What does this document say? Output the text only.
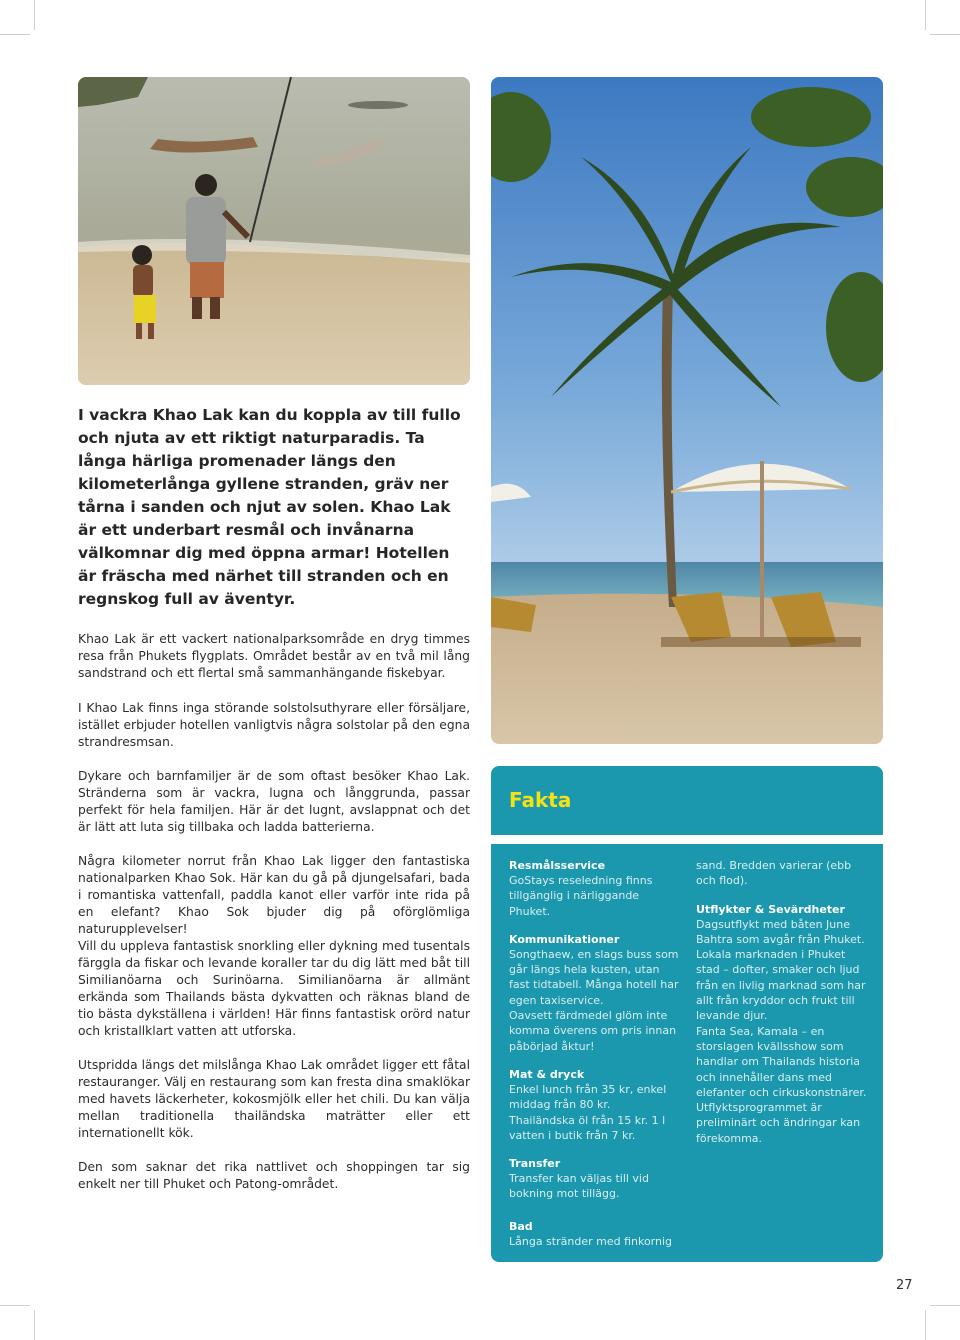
I vackra Khao Lak kan du koppla av till fullo och njuta av ett riktigt naturparadis. Ta långa härliga promenader längs den kilometerlånga gyllene stranden, gräv ner tårna i sanden och njut av solen. Khao Lak är ett underbart resmål och invånarna välkomnar dig med öppna armar! Hotellen är fräscha med närhet till stranden och en regnskog full av äventyr.

Khao Lak är ett vackert nationalparksområde en dryg timmes resa från Phukets flygplats. Området består av en två mil lång sandstrand och ett flertal små sammanhängande fiskebyar.

I Khao Lak finns inga störande solstolsuthyrare eller försäljare, istället erbjuder hotellen vanligtvis några solstolar på den egna strandresmsan.

Dykare och barnfamiljer är de som oftast besöker Khao Lak. Stränderna som är vackra, lugna och långgrunda, passar perfekt för hela familjen. Här är det lugnt, avslappnat och det är lätt att luta sig tillbaka och ladda batterierna.

Några kilometer norrut från Khao Lak ligger den fantastiska nationalparken Khao Sok. Här kan du gå på djungelsafari, bada i romantiska vattenfall, paddla kanot eller varför inte rida på en elefant? Khao Sok bjuder dig på oförglömliga naturupplevelser!

Vill du uppleva fantastisk snorkling eller dykning med tusentals färggla da fiskar och levande koraller tar du dig lätt med båt till Similianöarna och Surinöarna. Similianöarna är allmänt erkända som Thailands bästa dykvatten och räknas bland de tio bästa dykställena i världen! Här finns fantastisk orörd natur och kristallklart vatten att utforska.

Utspridda längs det milslånga Khao Lak området ligger ett fåtal restauranger. Välj en restaurang som kan fresta dina smaklökar med havets läckerheter, kokosmjölk eller het chili. Du kan välja mellan traditionella thailändska maträtter eller ett internationellt kök.

Den som saknar det rika nattlivet och shoppingen tar sig enkelt ner till Phuket och Patong-området.

Fakta
Resmålsservice

GoStays reseledning finns tillgänglig i närliggande Phuket.

Kommunikationer

Songthaew, en slags buss som går längs hela kusten, utan fast tidtabell. Många hotell har egen taxiservice.

Oavsett färdmedel glöm inte komma överens om pris innan påbörjad åktur!

Mat & dryck

Enkel lunch från 35 kr, enkel middag från 80 kr. Thailändska öl från 15 kr. 1 l vatten i butik från 7 kr.

Transfer

Transfer kan väljas till vid bokning mot tillägg.

Bad

Långa stränder med finkornig

sand. Bredden varierar (ebb och flod).

Utflykter & Sevärdheter

Dagsutflykt med båten June Bahtra som avgår från Phuket. Lokala marknaden i Phuket stad – dofter, smaker och ljud från en livlig marknad som har allt från kryddor och frukt till levande djur.

Fanta Sea, Kamala – en storslagen kvällsshow som handlar om Thailands historia och innehåller dans med elefanter och cirkuskonstnärer. Utflyktsprogrammet är preliminärt och ändringar kan förekomma.

27
